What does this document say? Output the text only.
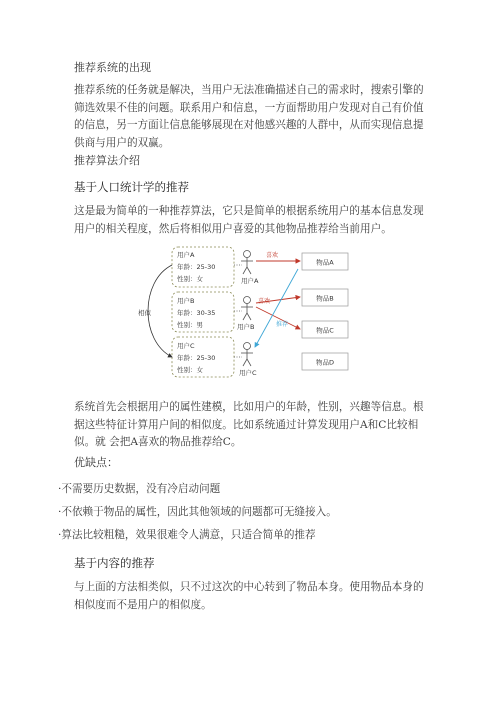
推荐系统的出现

推荐系统的任务就是解决，当用户无法准确描述自己的需求时，搜索引擎的筛选效果不佳的问题。联系用户和信息，一方面帮助用户发现对自己有价值的信息，另一方面让信息能够展现在对他感兴趣的人群中，从而实现信息提供商与用户的双赢。

推荐算法介绍

基于人口统计学的推荐

这是最为简单的一种推荐算法，它只是简单的根据系统用户的基本信息发现用户的相关程度，然后将相似用户喜爱的其他物品推荐给当前用户。

用户A
年龄：25-30
性别：女
用户B
年龄：30-35
性别：男
用户C
年龄：25-30
性别：女
相似
用户A
用户B
用户C
物品A
物品B
物品C
物品D
喜欢
喜欢
推荐

系统首先会根据用户的属性建模，比如用户的年龄，性别，兴趣等信息。根据这些特征计算用户间的相似度。比如系统通过计算发现用户A和C比较相似。就 会把A喜欢的物品推荐给C。

优缺点：

·不需要历史数据，没有冷启动问题

·不依赖于物品的属性，因此其他领域的问题都可无缝接入。

·算法比较粗糙，效果很难令人满意，只适合简单的推荐

基于内容的推荐

与上面的方法相类似，只不过这次的中心转到了物品本身。使用物品本身的相似度而不是用户的相似度。
